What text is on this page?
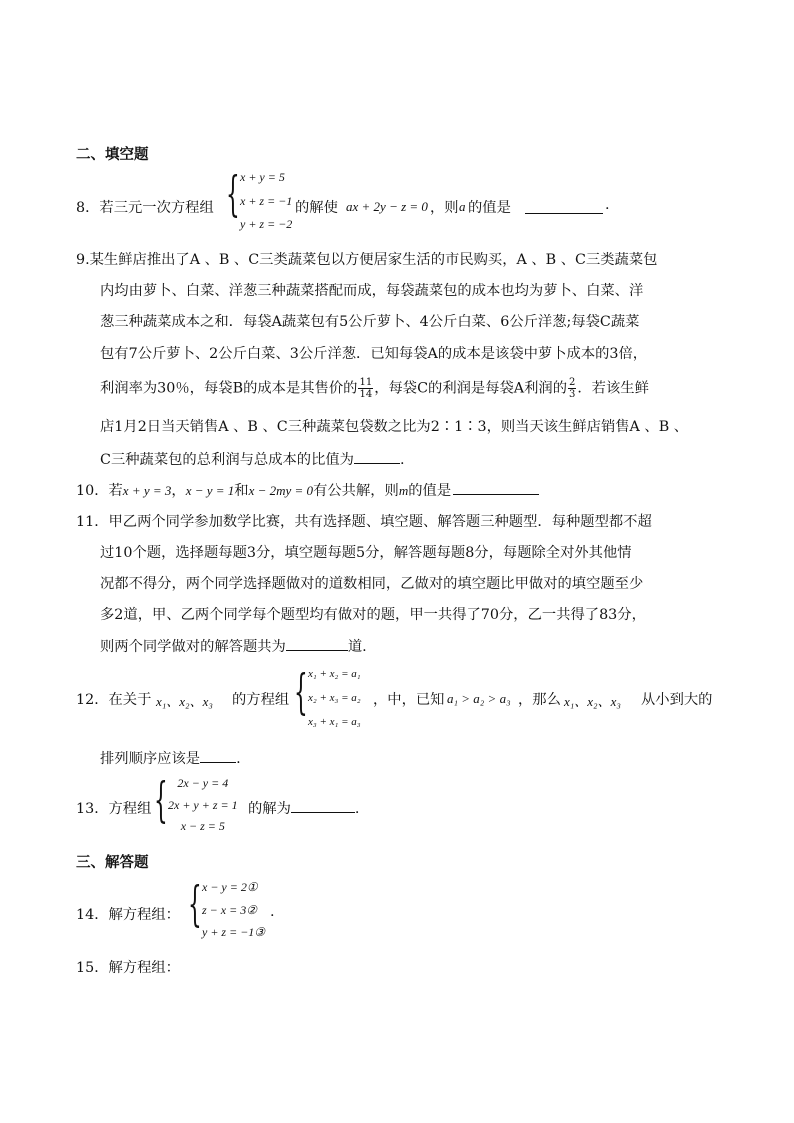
二、填空题
8．若三元一次方程组 { x + y = 5
x + z = −1
y + z = −2
的解使 ax + 2y − z = 0 ，则 a 的值是	.
9.某生鲜店推出了A 、B 、C三类蔬菜包以方便居家生活的市民购买，A 、B 、C三类蔬菜包
内均由萝卜、白菜、洋葱三种蔬菜搭配而成，每袋蔬菜包的成本也均为萝卜、白菜、洋
葱三种蔬菜成本之和．每袋A蔬菜包有5公斤萝卜、4公斤白菜、6公斤洋葱;每袋C蔬菜
包有7公斤萝卜、2公斤白菜、3公斤洋葱．已知每袋A的成本是该袋中萝卜成本的3倍，
利润率为30％，每袋B的成本是其售价的 $\frac{11}{14}$ ，每袋C的利润是每袋A利润的 $\frac{2}{3}$ ．若该生鲜
店1月2日当天销售A 、B 、C三种蔬菜包袋数之比为2∶1∶3，则当天该生鲜店销售A 、B 、
C三种蔬菜包的总利润与总成本的比值为	.
10．若x + y = 3，x − y = 1和x − 2my = 0有公共解，则m的值是
11．甲乙两个同学参加数学比赛，共有选择题、填空题、解答题三种题型．每种题型都不超
过10个题，选择题每题3分，填空题每题5分，解答题每题8分，每题除全对外其他情
况都不得分，两个同学选择题做对的道数相同，乙做对的填空题比甲做对的填空题至少
多2道，甲、乙两个同学每个题型均有做对的题，甲一共得了70分，乙一共得了83分，
则两个同学做对的解答题共为	道.
12．在关于 x₁、x₂、x₃ 的方程组 { x₁ + x₂ = a₁
x₂ + x₃ = a₂
x₃ + x₁ = a₃
，中，已知 a₁ > a₂ > a₃ ，那么 x₁、x₂、x₃ 从小到大的
排列顺序应该是	.
13．方程组 { 2x − y = 4
2x + y + z = 1
x − z = 5
的解为	.
三、解答题
14．解方程组： { x − y = 2①
z − x = 3②
y + z = −1③
.
15．解方程组：
